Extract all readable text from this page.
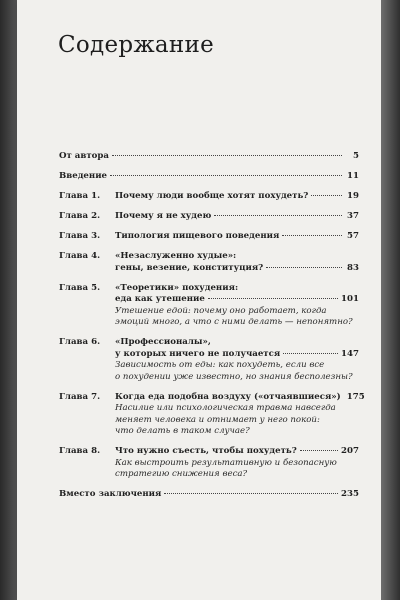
Содержание
От автора	5
Введение	11
Глава 1.	Почему люди вообще хотят похудеть?	19
Глава 2.	Почему я не худею	37
Глава 3.	Типология пищевого поведения	57
Глава 4.	«Незаслуженно худые»:
гены, везение, конституция?	83
Глава 5.	«Теоретики» похудения:
еда как утешение	101
Утешение едой: почему оно работает, когда
эмоций много, а что с ними делать — непонятно?
Глава 6.	«Профессионалы»,
у которых ничего не получается	147
Зависимость от еды: как похудеть, если все
о похудении уже известно, но знания бесполезны?
Глава 7.	Когда еда подобна воздуху («отчаявшиеся») 175
Насилие или психологическая травма навсегда
меняет человека и отнимает у него покой:
что делать в таком случае?
Глава 8.	Что нужно съесть, чтобы похудеть?	207
Как выстроить результативную и безопасную
стратегию снижения веса?
Вместо заключения	235
